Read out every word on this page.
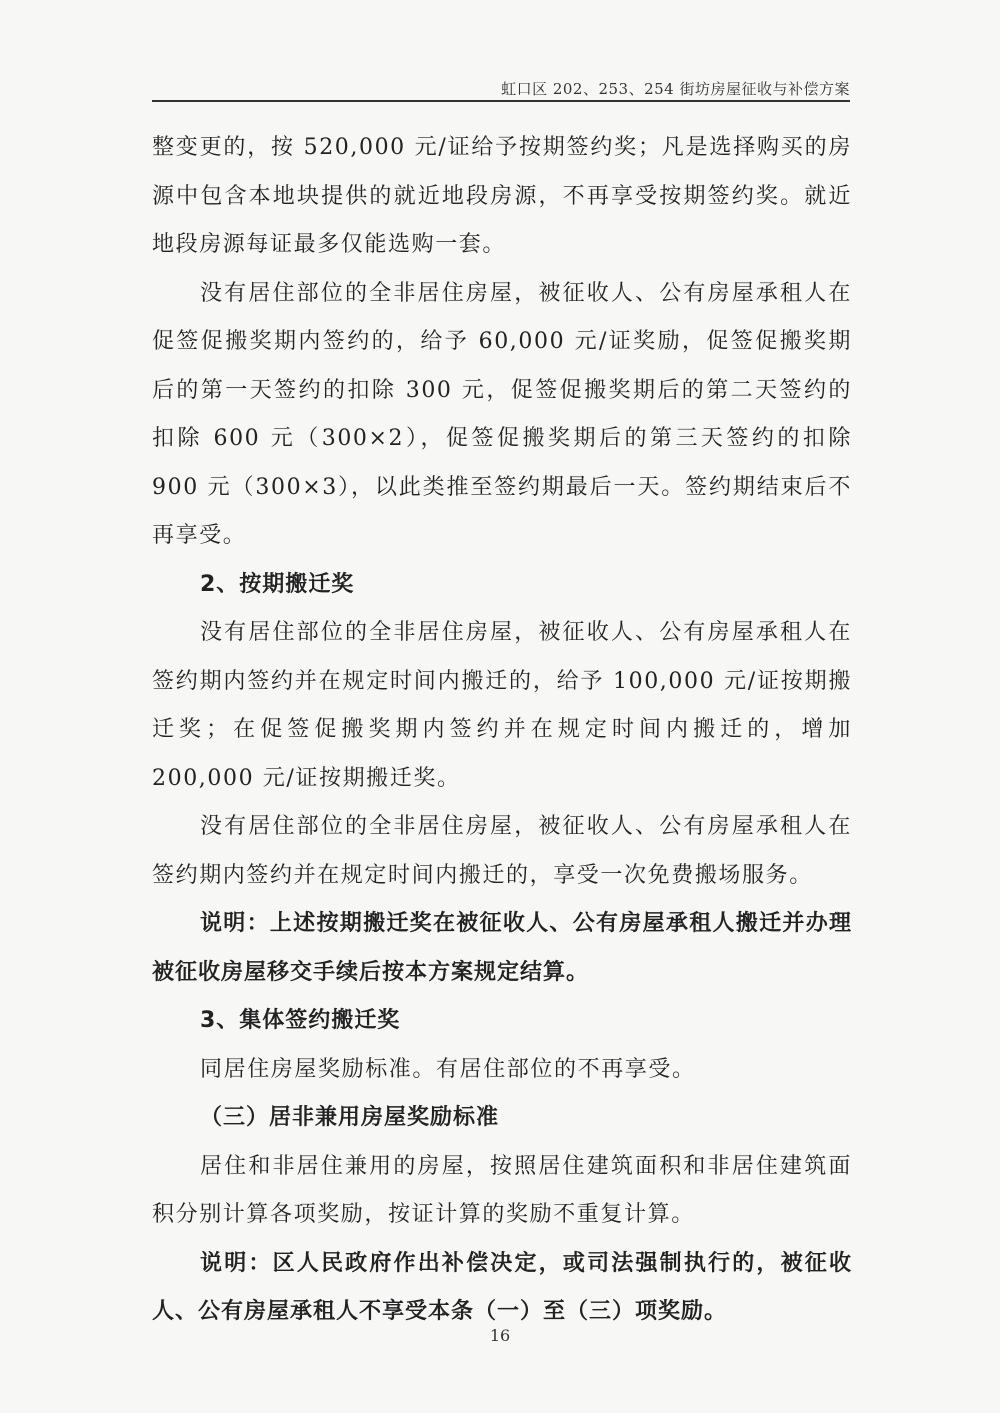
虹口区 202、253、254 街坊房屋征收与补偿方案

整变更的，按 520,000 元/证给予按期签约奖；凡是选择购买的房源中包含本地块提供的就近地段房源，不再享受按期签约奖。就近地段房源每证最多仅能选购一套。

没有居住部位的全非居住房屋，被征收人、公有房屋承租人在促签促搬奖期内签约的，给予 60,000 元/证奖励，促签促搬奖期后的第一天签约的扣除 300 元，促签促搬奖期后的第二天签约的扣除 600 元（300×2），促签促搬奖期后的第三天签约的扣除 900 元（300×3），以此类推至签约期最后一天。签约期结束后不再享受。

2、按期搬迁奖

没有居住部位的全非居住房屋，被征收人、公有房屋承租人在签约期内签约并在规定时间内搬迁的，给予 100,000 元/证按期搬迁奖；在促签促搬奖期内签约并在规定时间内搬迁的，增加 200,000 元/证按期搬迁奖。

没有居住部位的全非居住房屋，被征收人、公有房屋承租人在签约期内签约并在规定时间内搬迁的，享受一次免费搬场服务。

说明：上述按期搬迁奖在被征收人、公有房屋承租人搬迁并办理被征收房屋移交手续后按本方案规定结算。

3、集体签约搬迁奖

同居住房屋奖励标准。有居住部位的不再享受。

（三）居非兼用房屋奖励标准

居住和非居住兼用的房屋，按照居住建筑面积和非居住建筑面积分别计算各项奖励，按证计算的奖励不重复计算。

说明：区人民政府作出补偿决定，或司法强制执行的，被征收人、公有房屋承租人不享受本条（一）至（三）项奖励。

16
